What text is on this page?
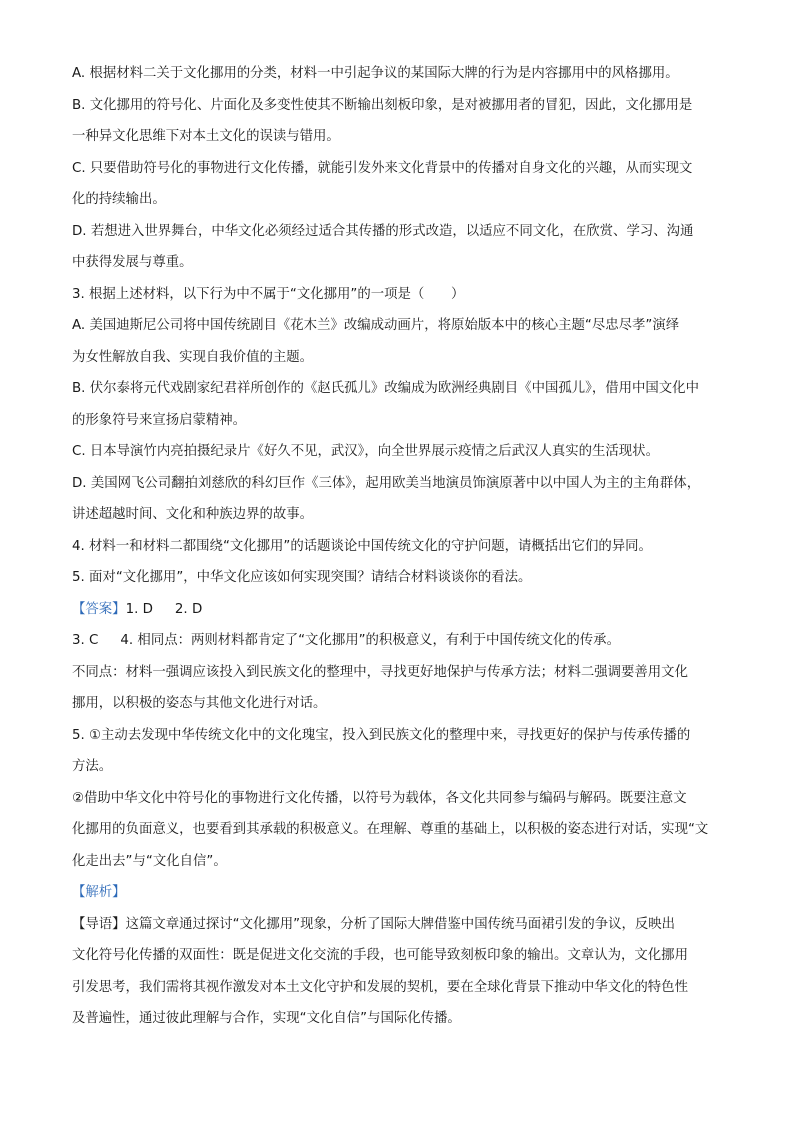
A. 根据材料二关于文化挪用的分类，材料一中引起争议的某国际大牌的行为是内容挪用中的风格挪用。
B. 文化挪用的符号化、片面化及多变性使其不断输出刻板印象，是对被挪用者的冒犯，因此，文化挪用是
一种异文化思维下对本土文化的误读与错用。
C. 只要借助符号化的事物进行文化传播，就能引发外来文化背景中的传播对自身文化的兴趣，从而实现文
化的持续输出。
D. 若想进入世界舞台，中华文化必须经过适合其传播的形式改造，以适应不同文化，在欣赏、学习、沟通
中获得发展与尊重。
3. 根据上述材料，以下行为中不属于“文化挪用”的一项是（　　）
A. 美国迪斯尼公司将中国传统剧目《花木兰》改编成动画片，将原始版本中的核心主题“尽忠尽孝”演绎
为女性解放自我、实现自我价值的主题。
B. 伏尔泰将元代戏剧家纪君祥所创作的《赵氏孤儿》改编成为欧洲经典剧目《中国孤儿》，借用中国文化中
的形象符号来宣扬启蒙精神。
C. 日本导演竹内亮拍摄纪录片《好久不见，武汉》，向全世界展示疫情之后武汉人真实的生活现状。
D. 美国网飞公司翻拍刘慈欣的科幻巨作《三体》，起用欧美当地演员饰演原著中以中国人为主的主角群体，
讲述超越时间、文化和种族边界的故事。
4. 材料一和材料二都围绕“文化挪用”的话题谈论中国传统文化的守护问题，请概括出它们的异同。
5. 面对“文化挪用”，中华文化应该如何实现突围？请结合材料谈谈你的看法。
【答案】1. D 2. D
3. C 4. 相同点：两则材料都肯定了“文化挪用”的积极意义，有利于中国传统文化的传承。
不同点：材料一强调应该投入到民族文化的整理中，寻找更好地保护与传承方法；材料二强调要善用文化
挪用，以积极的姿态与其他文化进行对话。
5. ①主动去发现中华传统文化中的文化瑰宝，投入到民族文化的整理中来，寻找更好的保护与传承传播的
方法。
②借助中华文化中符号化的事物进行文化传播，以符号为载体，各文化共同参与编码与解码。既要注意文
化挪用的负面意义，也要看到其承载的积极意义。在理解、尊重的基础上，以积极的姿态进行对话，实现“文
化走出去”与“文化自信”。
【解析】
【导语】这篇文章通过探讨“文化挪用”现象，分析了国际大牌借鉴中国传统马面裙引发的争议，反映出
文化符号化传播的双面性：既是促进文化交流的手段，也可能导致刻板印象的输出。文章认为，文化挪用
引发思考，我们需将其视作激发对本土文化守护和发展的契机，要在全球化背景下推动中华文化的特色性
及普遍性，通过彼此理解与合作，实现“文化自信”与国际化传播。
